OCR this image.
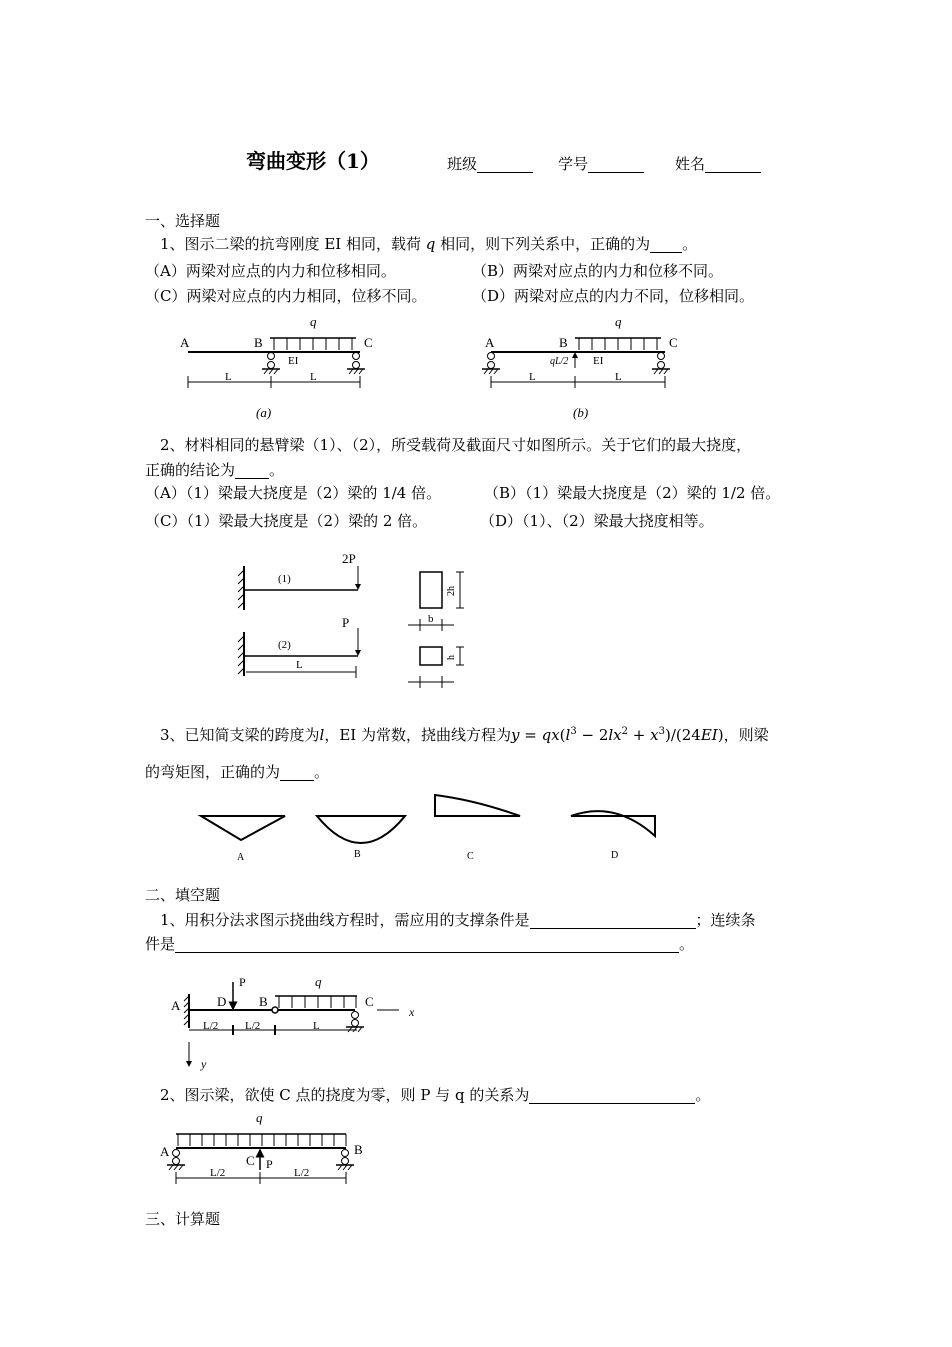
弯曲变形（1）	班级	学号	姓名
一、选择题
1、图示二梁的抗弯刚度 EI 相同，载荷 q 相同，则下列关系中，正确的为 。
（A）两梁对应点的内力和位移相同。	（B）两梁对应点的内力和位移不同。
（C）两梁对应点的内力相同，位移不同。	（D）两梁对应点的内力不同，位移相同。
q
A	B	C
EI
L	L
(a)
q
A	B	C
qL/2 EI
L	L
(b)
2、材料相同的悬臂梁（1）、（2），所受载荷及截面尺寸如图所示。关于它们的最大挠度，
正确的结论为 。
（A）（1）梁最大挠度是（2）梁的 1/4 倍。	（B）（1）梁最大挠度是（2）梁的 1/2 倍。
（C）（1）梁最大挠度是（2）梁的 2 倍。	（D）（1）、（2）梁最大挠度相等。
(1)
2P
(2)
P
L
2h
b
h
3、已知简支梁的跨度为l，EI 为常数，挠曲线方程为$y = qx(l^3 - 2lx^2 + x^3)/(24EI)$，则梁
的弯矩图，正确的为 。
A	B	C	D
二、填空题
1、用积分法求图示挠曲线方程时，需应用的支撑条件是	；连续条
件是	。
A	D
P
B
q
C
x
L/2 L/2	L
y
2、图示梁，欲使 C 点的挠度为零，则 P 与 q 的关系为	。
q
A	B
C P
L/2	L/2
三、计算题
